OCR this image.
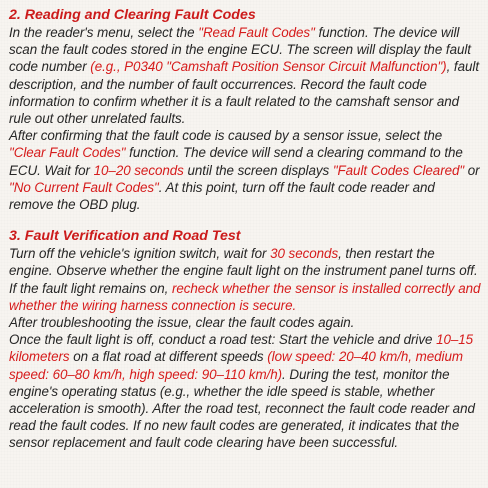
2. Reading and Clearing Fault Codes

In the reader's menu, select the "Read Fault Codes" function. The device will scan the fault codes stored in the engine ECU. The screen will display the fault code number (e.g., P0340 "Camshaft Position Sensor Circuit Malfunction"), fault description, and the number of fault occurrences. Record the fault code information to confirm whether it is a fault related to the camshaft sensor and rule out other unrelated faults.

After confirming that the fault code is caused by a sensor issue, select the "Clear Fault Codes" function. The device will send a clearing command to the ECU. Wait for 10–20 seconds until the screen displays "Fault Codes Cleared" or "No Current Fault Codes". At this point, turn off the fault code reader and remove the OBD plug.

3. Fault Verification and Road Test

Turn off the vehicle's ignition switch, wait for 30 seconds, then restart the engine. Observe whether the engine fault light on the instrument panel turns off. If the fault light remains on, recheck whether the sensor is installed correctly and whether the wiring harness connection is secure.

After troubleshooting the issue, clear the fault codes again.

Once the fault light is off, conduct a road test: Start the vehicle and drive 10–15 kilometers on a flat road at different speeds (low speed: 20–40 km/h, medium speed: 60–80 km/h, high speed: 90–110 km/h). During the test, monitor the engine's operating status (e.g., whether the idle speed is stable, whether acceleration is smooth). After the road test, reconnect the fault code reader and read the fault codes. If no new fault codes are generated, it indicates that the sensor replacement and fault code clearing have been successful.
